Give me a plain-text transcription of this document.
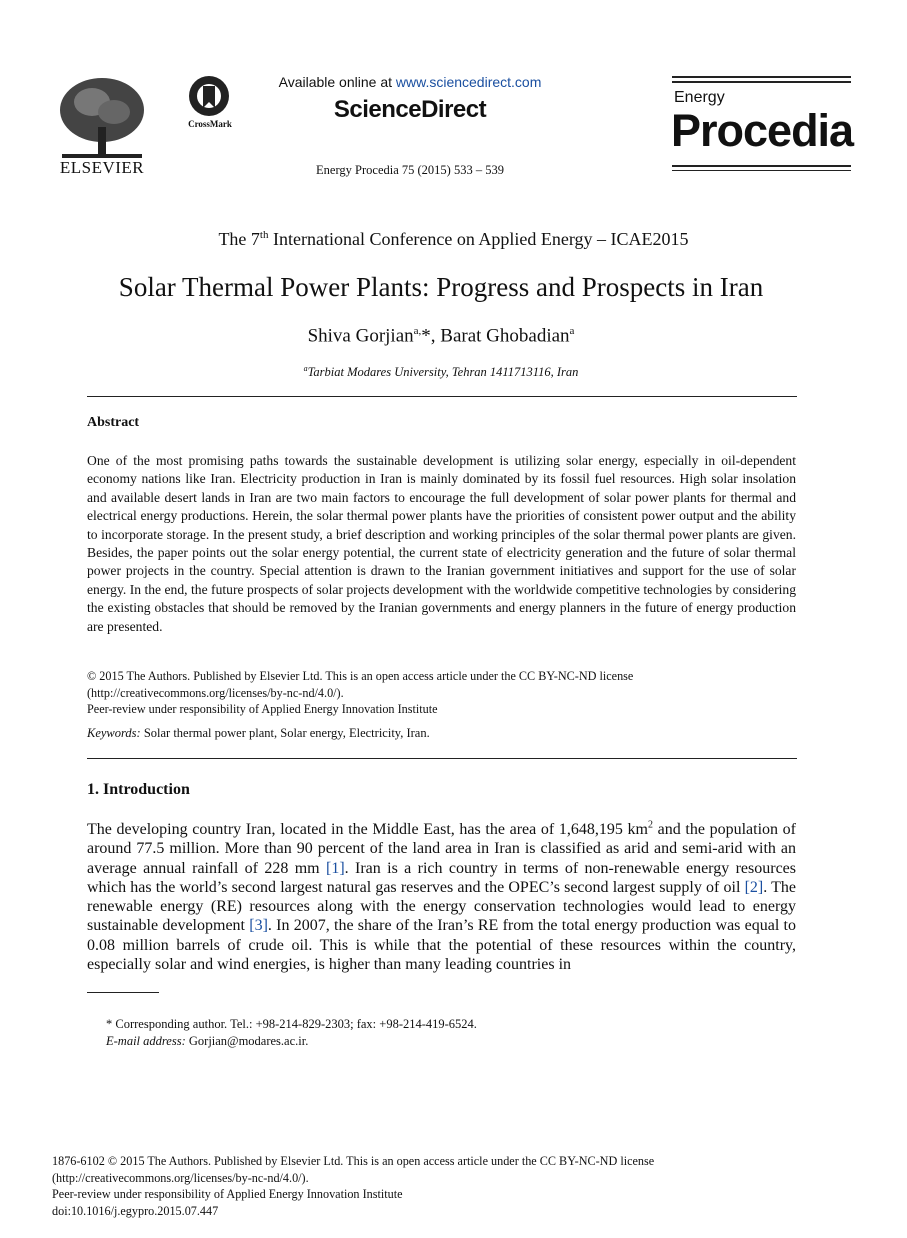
ELSEVIER
CrossMark
Available online at www.sciencedirect.com
ScienceDirect
Energy Procedia 75 (2015) 533 – 539
Energy
Procedia
The 7th International Conference on Applied Energy – ICAE2015
Solar Thermal Power Plants: Progress and Prospects in Iran
Shiva Gorjian$^{a,}$*, Barat Ghobadian$^a$
$^a$Tarbiat Modares University, Tehran 1411713116, Iran
Abstract

One of the most promising paths towards the sustainable development is utilizing solar energy, especially in oil-dependent economy nations like Iran. Electricity production in Iran is mainly dominated by its fossil fuel resources. High solar insolation and available desert lands in Iran are two main factors to encourage the full development of solar power plants for thermal and electrical energy productions. Herein, the solar thermal power plants have the priorities of consistent power output and the ability to incorporate storage. In the present study, a brief description and working principles of the solar thermal power plants are given. Besides, the paper points out the solar energy potential, the current state of electricity generation and the future of solar thermal power projects in the country. Special attention is drawn to the Iranian government initiatives and support for the use of solar energy. In the end, the future prospects of solar projects development with the worldwide competitive technologies by considering the existing obstacles that should be removed by the Iranian governments and energy planners in the future of energy production are presented.

© 2015 The Authors. Published by Elsevier Ltd. This is an open access article under the CC BY-NC-ND license
(http://creativecommons.org/licenses/by-nc-nd/4.0/).
Peer-review under responsibility of Applied Energy Innovation Institute
Keywords: Solar thermal power plant, Solar energy, Electricity, Iran.
1. Introduction

The developing country Iran, located in the Middle East, has the area of 1,648,195 $km^2$ and the population of around 77.5 million. More than 90 percent of the land area in Iran is classified as arid and semi-arid with an average annual rainfall of 228 mm [1]. Iran is a rich country in terms of non-renewable energy resources which has the world’s second largest natural gas reserves and the OPEC’s second largest supply of oil [2]. The renewable energy (RE) resources along with the energy conservation technologies would lead to energy sustainable development [3]. In 2007, the share of the Iran’s RE from the total energy production was equal to 0.08 million barrels of crude oil. This is while that the potential of these resources within the country, especially solar and wind energies, is higher than many leading countries in

* Corresponding author. Tel.: +98-214-829-2303; fax: +98-214-419-6524.
E-mail address: Gorjian@modares.ac.ir.
1876-6102 © 2015 The Authors. Published by Elsevier Ltd. This is an open access article under the CC BY-NC-ND license
(http://creativecommons.org/licenses/by-nc-nd/4.0/).
Peer-review under responsibility of Applied Energy Innovation Institute
doi:10.1016/j.egypro.2015.07.447
